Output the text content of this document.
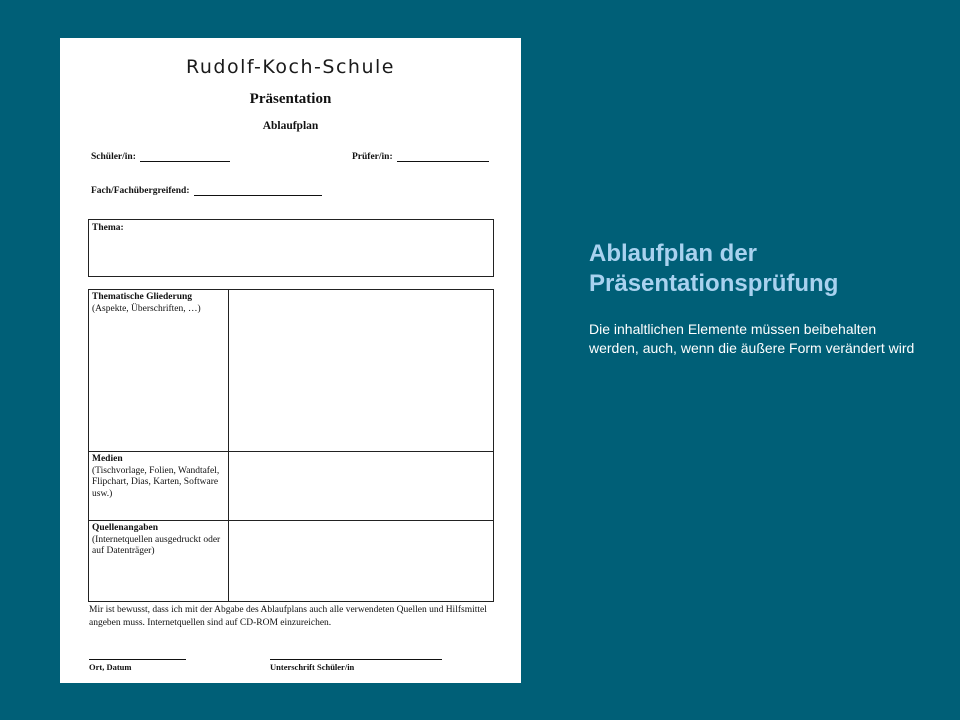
Rudolf-Koch-Schule
Präsentation
Ablaufplan
Schüler/in:	Prüfer/in:
Fach/Fachübergreifend:
Thema:
Thematische Gliederung
(Aspekte, Überschriften, …)
Medien
(Tischvorlage, Folien, Wandtafel, Flipchart, Dias, Karten, Software usw.)
Quellenangaben
(Internetquellen ausgedruckt oder auf Datenträger)
Mir ist bewusst, dass ich mit der Abgabe des Ablaufplans auch alle verwendeten Quellen und Hilfsmittel angeben muss. Internetquellen sind auf CD-ROM einzureichen.
Ort, Datum	Unterschrift Schüler/in
Ablaufplan der Präsentationsprüfung

Die inhaltlichen Elemente müssen beibehalten werden, auch, wenn die äußere Form verändert wird
